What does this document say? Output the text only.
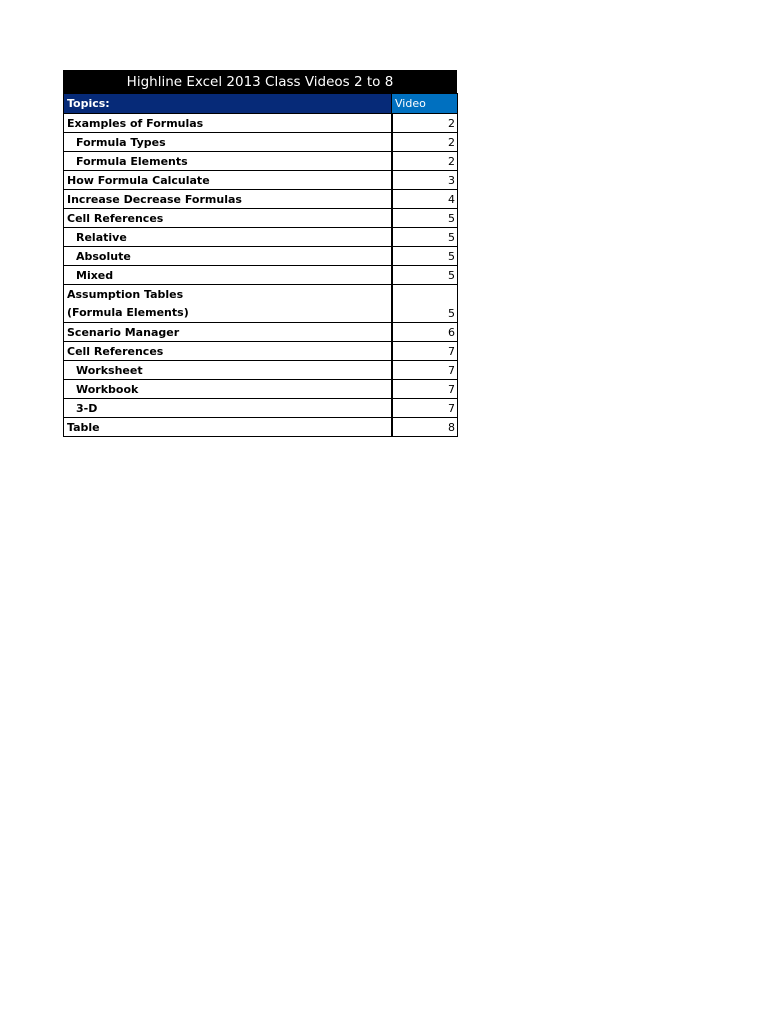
Highline Excel 2013 Class Videos 2 to 8
Topics:	Video
Examples of Formulas	2
Formula Types	2
Formula Elements	2
How Formula Calculate	3
Increase Decrease Formulas	4
Cell References	5
Relative	5
Absolute	5
Mixed	5

Assumption Tables
(Formula Elements)	5
Scenario Manager	6
Cell References	7
Worksheet	7
Workbook	7
3-D	7
Table	8
